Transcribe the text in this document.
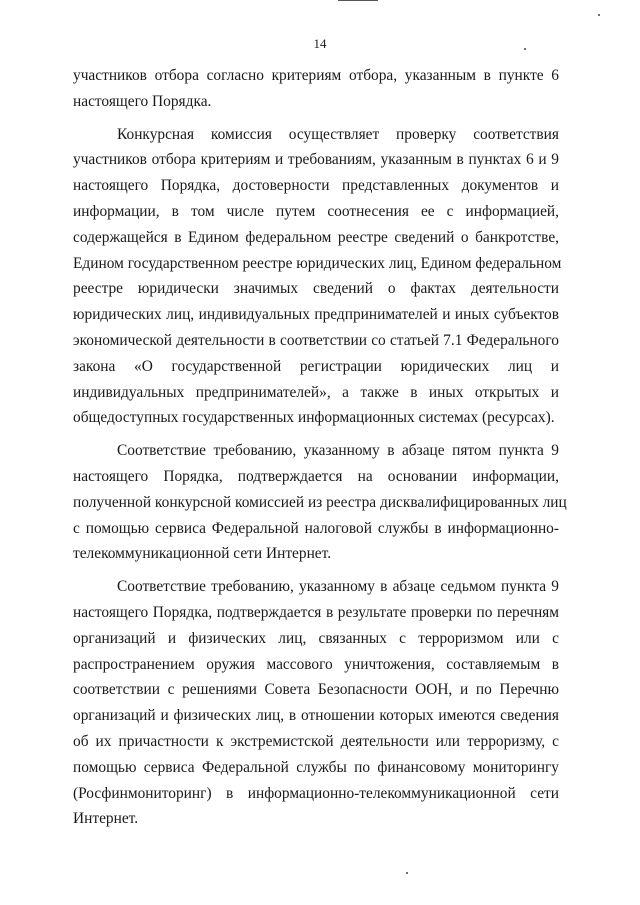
14

участников отбора согласно критериям отбора, указанным в пункте 6
настоящего Порядка.

Конкурсная комиссия осуществляет проверку соответствия
участников отбора критериям и требованиям, указанным в пунктах 6 и 9
настоящего Порядка, достоверности представленных документов и
информации, в том числе путем соотнесения ее с информацией,
содержащейся в Едином федеральном реестре сведений о банкротстве,
Едином государственном реестре юридических лиц, Едином федеральном
реестре юридически значимых сведений о фактах деятельности
юридических лиц, индивидуальных предпринимателей и иных субъектов
экономической деятельности в соответствии со статьей 7.1 Федерального
закона «О государственной регистрации юридических лиц и
индивидуальных предпринимателей», а также в иных открытых и
общедоступных государственных информационных системах (ресурсах).

Соответствие требованию, указанному в абзаце пятом пункта 9
настоящего Порядка, подтверждается на основании информации,
полученной конкурсной комиссией из реестра дисквалифицированных лиц
с помощью сервиса Федеральной налоговой службы в информационно-
телекоммуникационной сети Интернет.

Соответствие требованию, указанному в абзаце седьмом пункта 9
настоящего Порядка, подтверждается в результате проверки по перечням
организаций и физических лиц, связанных с терроризмом или с
распространением оружия массового уничтожения, составляемым в
соответствии с решениями Совета Безопасности ООН, и по Перечню
организаций и физических лиц, в отношении которых имеются сведения
об их причастности к экстремистской деятельности или терроризму, с
помощью сервиса Федеральной службы по финансовому мониторингу
(Росфинмониторинг) в информационно-телекоммуникационной сети
Интернет.
